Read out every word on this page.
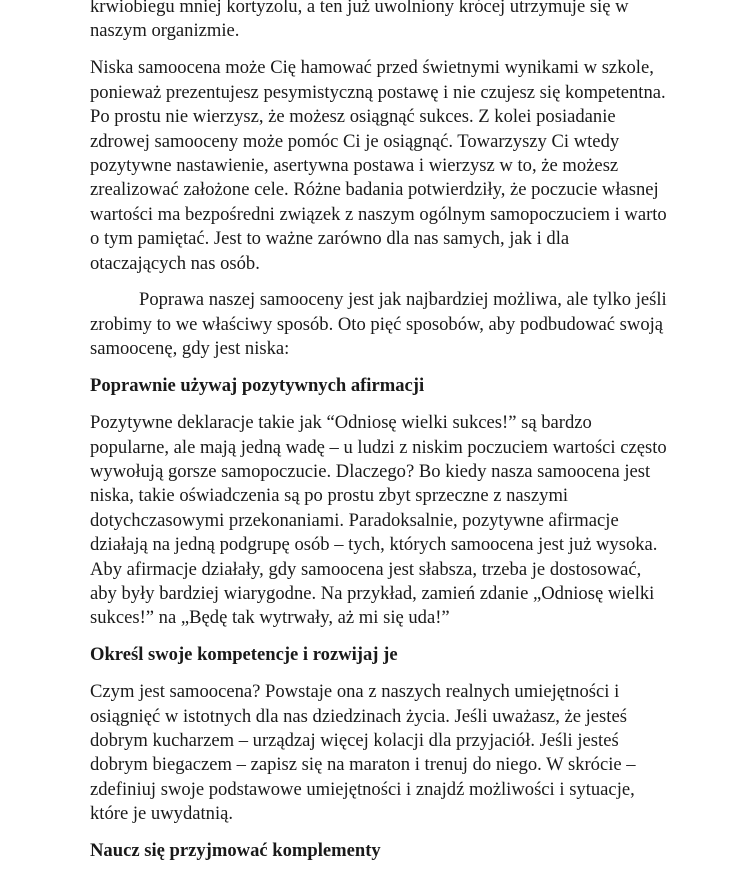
krwiobiegu mniej kortyzolu, a ten już uwolniony krócej utrzymuje się w naszym organizmie.

Niska samoocena może Cię hamować przed świetnymi wynikami w szkole, ponieważ prezentujesz pesymistyczną postawę i nie czujesz się kompetentna. Po prostu nie wierzysz, że możesz osiągnąć sukces. Z kolei posiadanie zdrowej samooceny może pomóc Ci je osiągnąć. Towarzyszy Ci wtedy pozytywne nastawienie, asertywna postawa i wierzysz w to, że możesz zrealizować założone cele. Różne badania potwierdziły, że poczucie własnej wartości ma bezpośredni związek z naszym ogólnym samopoczuciem i warto o tym pamiętać. Jest to ważne zarówno dla nas samych, jak i dla otaczających nas osób.

Poprawa naszej samooceny jest jak najbardziej możliwa, ale tylko jeśli zrobimy to we właściwy sposób. Oto pięć sposobów, aby podbudować swoją samoocenę, gdy jest niska:

Poprawnie używaj pozytywnych afirmacji

Pozytywne deklaracje takie jak “Odniosę wielki sukces!” są bardzo popularne, ale mają jedną wadę – u ludzi z niskim poczuciem wartości często wywołują gorsze samopoczucie. Dlaczego? Bo kiedy nasza samoocena jest niska, takie oświadczenia są po prostu zbyt sprzeczne z naszymi dotychczasowymi przekonaniami. Paradoksalnie, pozytywne afirmacje działają na jedną podgrupę osób – tych, których samoocena jest już wysoka. Aby afirmacje działały, gdy samoocena jest słabsza, trzeba je dostosować, aby były bardziej wiarygodne. Na przykład, zamień zdanie „Odniosę wielki sukces!” na „Będę tak wytrwały, aż mi się uda!”

Określ swoje kompetencje i rozwijaj je

Czym jest samoocena? Powstaje ona z naszych realnych umiejętności i osiągnięć w istotnych dla nas dziedzinach życia. Jeśli uważasz, że jesteś dobrym kucharzem – urządzaj więcej kolacji dla przyjaciół. Jeśli jesteś dobrym biegaczem – zapisz się na maraton i trenuj do niego. W skrócie – zdefiniuj swoje podstawowe umiejętności i znajdź możliwości i sytuacje, które je uwydatnią.

Naucz się przyjmować komplementy
